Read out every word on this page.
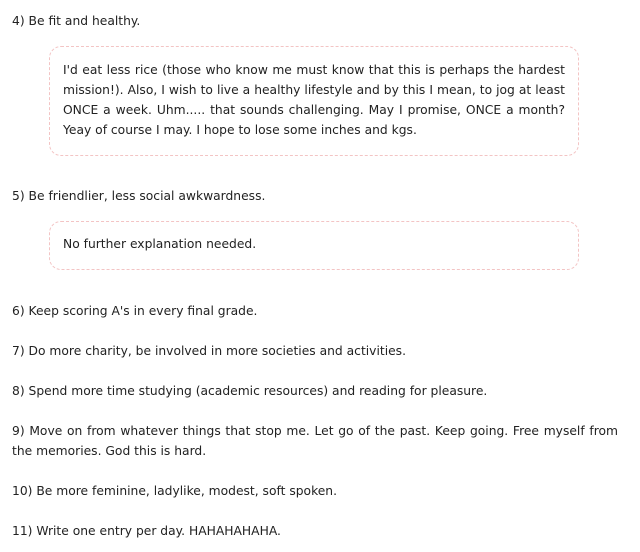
4) Be fit and healthy.

I'd eat less rice (those who know me must know that this is perhaps the hardest mission!). Also, I wish to live a healthy lifestyle and by this I mean, to jog at least ONCE a week. Uhm..... that sounds challenging. May I promise, ONCE a month? Yeay of course I may. I hope to lose some inches and kgs.

5) Be friendlier, less social awkwardness.

No further explanation needed.

6) Keep scoring A's in every final grade.

7) Do more charity, be involved in more societies and activities.

8) Spend more time studying (academic resources) and reading for pleasure.

9) Move on from whatever things that stop me. Let go of the past. Keep going. Free myself from the memories. God this is hard.

10) Be more feminine, ladylike, modest, soft spoken.

11) Write one entry per day. HAHAHAHAHA.
